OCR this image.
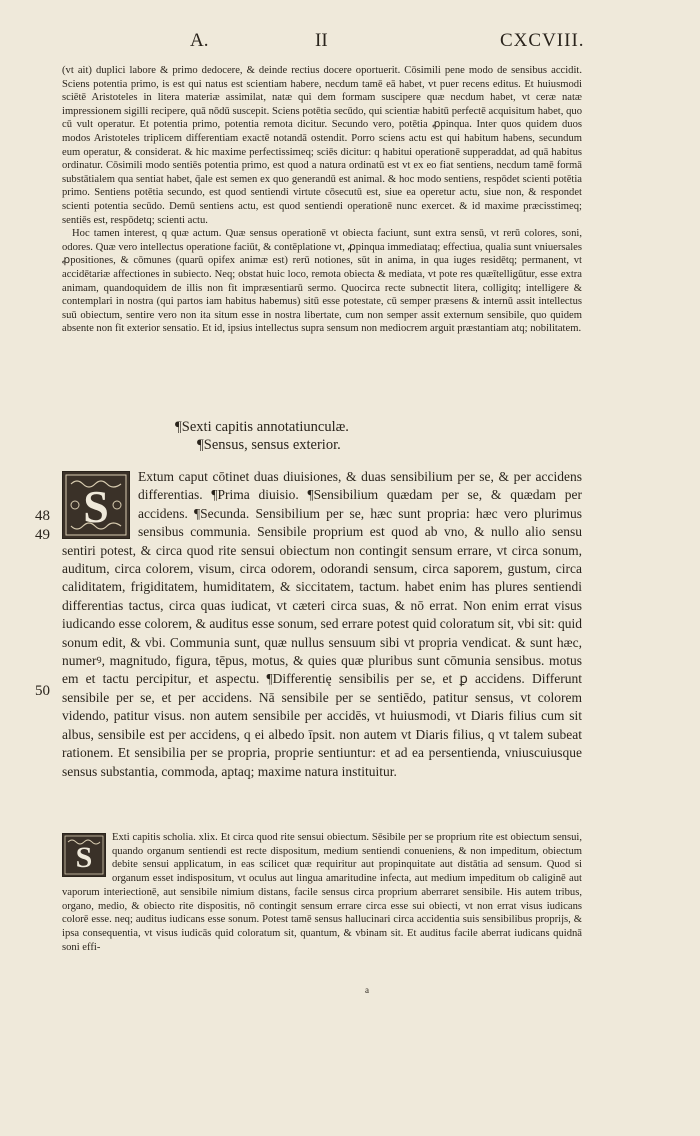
A.	II	CXCVIII.

(vt ait) duplici labore & primo dedocere, & deinde rectius docere oportuerit. Cōsimili pene modo de sensibus accidit. Sciens potentia primo, is est qui natus est scientiam habere, necdum tamē eā habet, vt puer recens editus. Et huiusmodi sciētē Aristoteles in litera materiæ assimilat, natæ qui dem formam suscipere quæ necdum habet, vt ceræ natæ impressionem sigilli recipere, quā nōdū suscepit. Sciens potētia secūdo, qui scientiæ habitū perfectē acquisitum habet, quo cū vult operatur. Et potentia primo, potentia remota dicitur. Secundo vero, potētia ꝓpinqua. Inter quos quidem duos modos Aristoteles triplicem differentiam exactē notandā ostendit. Porro sciens actu est qui habitum habens, secundum eum operatur, & considerat. & hic maxime perfectissimeq; sciēs dicitur: q habitui operationē supperaddat, ad quā habitus ordinatur. Cōsimili modo sentiēs potentia primo, est quod a natura ordinatū est vt ex eo fiat sentiens, necdum tamē formā substātialem qua sentiat habet, q̄ale est semen ex quo generandū est animal. & hoc modo sentiens, respōdet scienti potētia primo. Sentiens potētia secundo, est quod sentiendi virtute cōsecutū est, siue ea operetur actu, siue non, & respondet scienti potentia secūdo. Demū sentiens actu, est quod sentiendi operationē nunc exercet. & id maxime præcisstimeq; sentiēs est, respōdetq; scienti actu.

Hoc tamen interest, q quæ actum. Quæ sensus operationē vt obiecta faciunt, sunt extra sensū, vt rerū colores, soni, odores. Quæ vero intellectus operatione faciūt, & contēplatione vt, ꝓpinqua immediataq; effectiua, qualia sunt vniuersales ꝓpositiones, & cōmunes (quarū opifex animæ est) rerū notiones, sūt in anima, in qua iuges residētq; permanent, vt accidētariæ affectiones in subiecto. Neq; obstat huic loco, remota obiecta & mediata, vt pote res quæītelligūtur, esse extra animam, quandoquidem de illis non fit impræsentiarū sermo. Quocirca recte subnectit litera, colligitq; intelligere & contemplari in nostra (qui partos iam habitus habemus) sitū esse potestate, cū semper præsens & internū assit intellectus suū obiectum, sentire vero non ita situm esse in nostra libertate, cum non semper assit externum sensibile, quo quidem absente non fit exterior sensatio. Et id, ipsius intellectus supra sensum non mediocrem arguit præstantiam atq; nobilitatem.

¶Sexti capitis annotatiunculæ.
¶Sensus, sensus exterior.
S

Extum caput cōtinet duas diuisiones, & duas sensibilium per se, & per accidens differentias. ¶Prima diuisio. ¶Sensibilium quædam per se, & quædam per accidens. ¶Secunda. Sensibilium per se, hæc sunt propria: hæc vero plurimus sensibus communia. Sensibile proprium est quod ab vno, & nullo alio sensu sentiri potest, & circa quod rite sensui obiectum non contingit sensum errare, vt circa sonum, auditum, circa colorem, visum, circa odorem, odorandi sensum, circa saporem, gustum, circa caliditatem, frigiditatem, humiditatem, & siccitatem, tactum. habet enim has plures sentiendi differentias tactus, circa quas iudicat, vt cæteri circa suas, & nō errat. Non enim errat visus iudicando esse colorem, & auditus esse sonum, sed errare potest quid coloratum sit, vbi sit: quid sonum edit, & vbi. Communia sunt, quæ nullus sensuum sibi vt propria vendicat. & sunt hæc, numerꝰ, magnitudo, figura, tēpus, motus, & quies quæ pluribus sunt cōmunia sensibus. motus em et tactu percipitur, et aspectu. ¶Differentię sensibilis per se, et ꝑ accidens. Differunt sensibile per se, et per accidens. Nā sensibile per se sentiēdo, patitur sensus, vt colorem videndo, patitur visus. non autem sensibile per accidēs, vt huiusmodi, vt Diaris filius cum sit albus, sensibile est per accidens, q ei albedo īpsit. non autem vt Diaris filius, q vt talem subeat rationem. Et sensibilia per se propria, proprie sentiuntur: et ad ea persentienda, vniuscuiusque sensus substantia, commoda, aptaq; maxime natura instituitur.

48
49
50
S

Exti capitis scholia. xlix. Et circa quod rite sensui obiectum. Sēsibile per se proprium rite est obiectum sensui, quando organum sentiendi est recte dispositum, medium sentiendi conueniens, & non impeditum, obiectum debite sensui applicatum, in eas scilicet quæ requiritur aut propinquitate aut distātia ad sensum. Quod si organum esset indispositum, vt oculus aut lingua amaritudine infecta, aut medium impeditum ob caliginē aut vaporum interiectionē, aut sensibile nimium distans, facile sensus circa proprium aberraret sensibile. His autem tribus, organo, medio, & obiecto rite dispositis, nō contingit sensum errare circa esse sui obiecti, vt non errat visus iudicans colorē esse. neq; auditus iudicans esse sonum. Potest tamē sensus hallucinari circa accidentia suis sensibilibus proprijs, & ipsa consequentia, vt visus iudicās quid coloratum sit, quantum, & vbinam sit. Et auditus facile aberrat iudicans quidnā soni effi-

a
